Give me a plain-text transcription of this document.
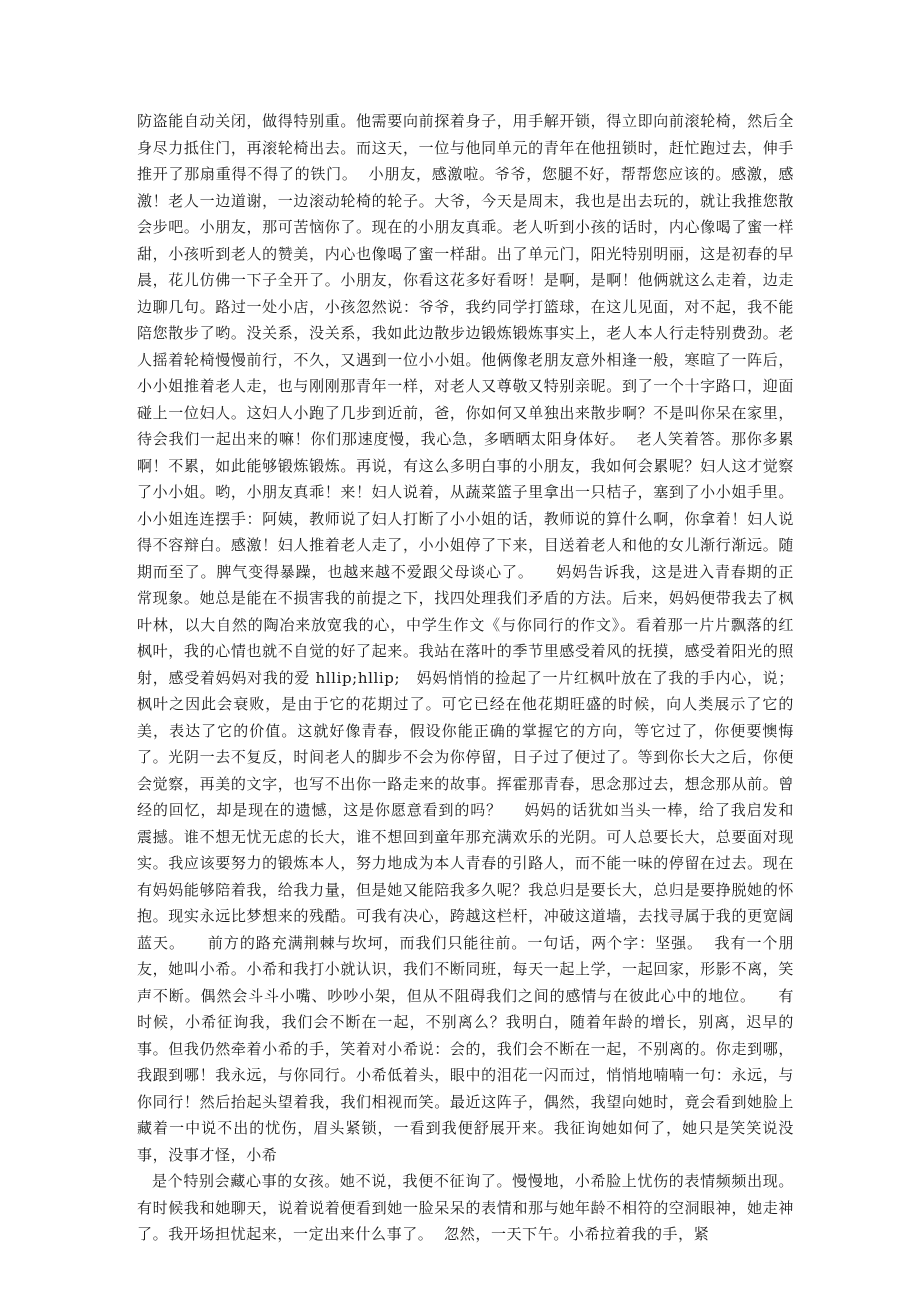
防盗能自动关闭，做得特别重。他需要向前探着身子，用手解开锁，得立即向前滚轮椅，然后全身尽力抵住门，再滚轮椅出去。而这天，一位与他同单元的青年在他扭锁时，赶忙跑过去，伸手推开了那扇重得不得了的铁门。  小朋友，感激啦。爷爷，您腿不好，帮帮您应该的。感激，感激！老人一边道谢，一边滚动轮椅的轮子。大爷，今天是周末，我也是出去玩的，就让我推您散会步吧。小朋友，那可苦恼你了。现在的小朋友真乖。老人听到小孩的话时，内心像喝了蜜一样甜，小孩听到老人的赞美，内心也像喝了蜜一样甜。出了单元门，阳光特别明丽，这是初春的早晨，花儿仿佛一下子全开了。小朋友，你看这花多好看呀！是啊，是啊！他俩就这么走着，边走边聊几句。路过一处小店，小孩忽然说：爷爷，我约同学打篮球，在这儿见面，对不起，我不能陪您散步了哟。没关系，没关系，我如此边散步边锻炼锻炼事实上，老人本人行走特别费劲。老人摇着轮椅慢慢前行，不久，又遇到一位小小姐。他俩像老朋友意外相逢一般，寒暄了一阵后，小小姐推着老人走，也与刚刚那青年一样，对老人又尊敬又特别亲昵。到了一个十字路口，迎面碰上一位妇人。这妇人小跑了几步到近前，爸，你如何又单独出来散步啊？不是叫你呆在家里，待会我们一起出来的嘛！你们那速度慢，我心急，多晒晒太阳身体好。  老人笑着答。那你多累啊！不累，如此能够锻炼锻炼。再说，有这么多明白事的小朋友，我如何会累呢？妇人这才觉察了小小姐。哟，小朋友真乖！来！妇人说着，从蔬菜篮子里拿出一只桔子，塞到了小小姐手里。小小姐连连摆手：阿姨，教师说了妇人打断了小小姐的话，教师说的算什么啊，你拿着！妇人说得不容辩白。感激！妇人推着老人走了，小小姐停了下来，目送着老人和他的女儿渐行渐远。随期而至了。脾气变得暴躁，也越来越不爱跟父母谈心了。    妈妈告诉我，这是进入青春期的正常现象。她总是能在不损害我的前提之下，找四处理我们矛盾的方法。后来，妈妈便带我去了枫叶林，以大自然的陶冶来放宽我的心，中学生作文《与你同行的作文》。看着那一片片飘落的红枫叶，我的心情也就不自觉的好了起来。我站在落叶的季节里感受着风的抚摸，感受着阳光的照射，感受着妈妈对我的爱 hllip;hllip;   妈妈悄悄的捡起了一片红枫叶放在了我的手内心，说；枫叶之因此会衰败，是由于它的花期过了。可它已经在他花期旺盛的时候，向人类展示了它的美，表达了它的价值。这就好像青春，假设你能正确的掌握它的方向，等它过了，你便要懊悔了。光阴一去不复反，时间老人的脚步不会为你停留，日子过了便过了。等到你长大之后，你便会觉察，再美的文字，也写不出你一路走来的故事。挥霍那青春，思念那过去，想念那从前。曾经的回忆，却是现在的遗憾，这是你愿意看到的吗？    妈妈的话犹如当头一棒，给了我启发和震撼。谁不想无忧无虑的长大，谁不想回到童年那充满欢乐的光阴。可人总要长大，总要面对现实。我应该要努力的锻炼本人，努力地成为本人青春的引路人，而不能一味的停留在过去。现在有妈妈能够陪着我，给我力量，但是她又能陪我多久呢？我总归是要长大，总归是要挣脱她的怀抱。现实永远比梦想来的残酷。可我有决心，跨越这栏杆，冲破这道墙，去找寻属于我的更宽阔蓝天。    前方的路充满荆棘与坎坷，而我们只能往前。一句话，两个字：坚强。  我有一个朋友，她叫小希。小希和我打小就认识，我们不断同班，每天一起上学，一起回家，形影不离，笑声不断。偶然会斗斗小嘴、吵吵小架，但从不阻碍我们之间的感情与在彼此心中的地位。    有时候，小希征询我，我们会不断在一起，不别离么？我明白，随着年龄的增长，别离，迟早的事。但我仍然牵着小希的手，笑着对小希说：会的，我们会不断在一起，不别离的。你走到哪，我跟到哪！我永远，与你同行。小希低着头，眼中的泪花一闪而过，悄悄地喃喃一句：永远，与你同行！然后抬起头望着我，我们相视而笑。最近这阵子，偶然，我望向她时，竟会看到她脸上藏着一中说不出的忧伤，眉头紧锁，一看到我便舒展开来。我征询她如何了，她只是笑笑说没事，没事才怪，小希

是个特别会藏心事的女孩。她不说，我便不征询了。慢慢地，小希脸上忧伤的表情频频出现。有时候我和她聊天，说着说着便看到她一脸呆呆的表情和那与她年龄不相符的空洞眼神，她走神了。我开场担忧起来，一定出来什么事了。  忽然，一天下午。小希拉着我的手，紧
